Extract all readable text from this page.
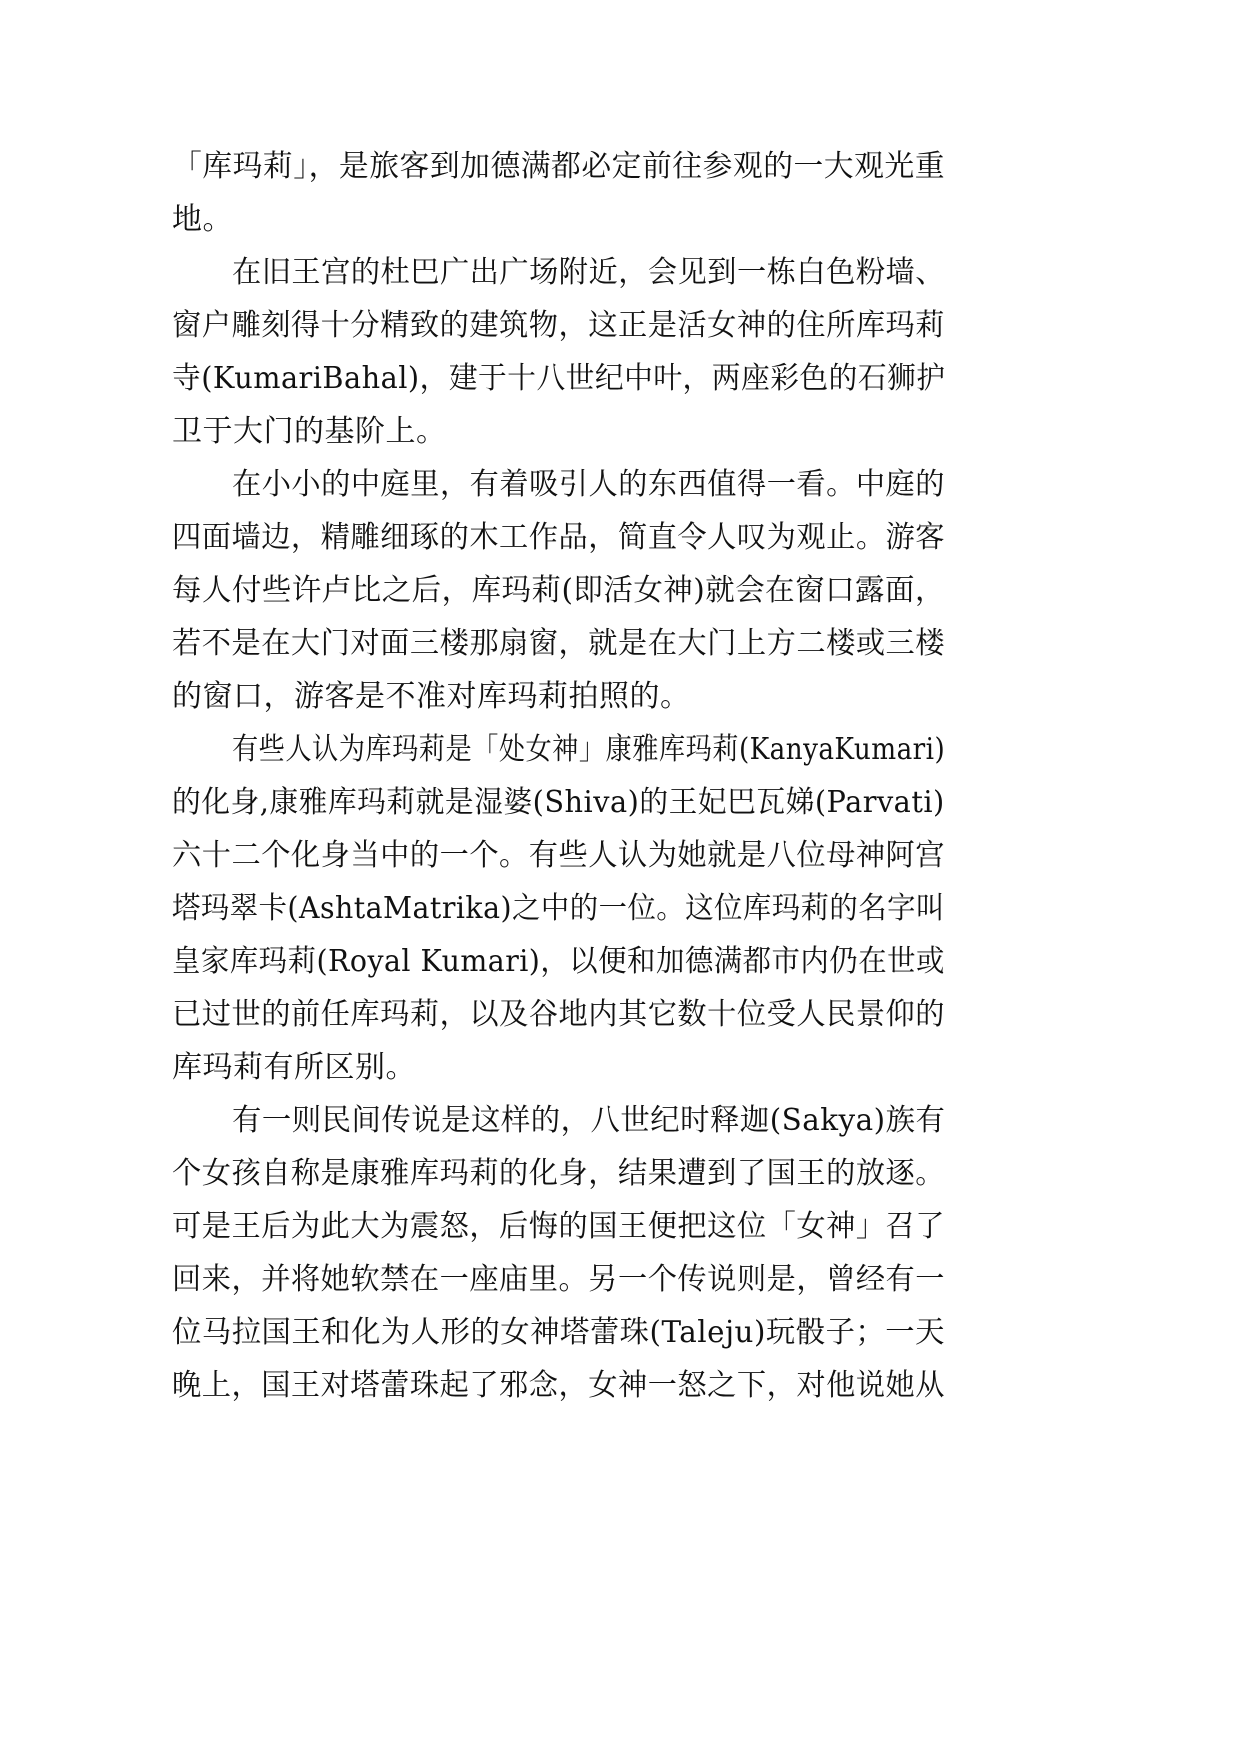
「库玛莉」，是旅客到加德满都必定前往参观的一大观光重
地。
在旧王宫的杜巴广出广场附近，会见到一栋白色粉墙、
窗户雕刻得十分精致的建筑物，这正是活女神的住所库玛莉
寺(KumariBahal)，建于十八世纪中叶，两座彩色的石狮护
卫于大门的基阶上。
在小小的中庭里，有着吸引人的东西值得一看。中庭的
四面墙边，精雕细琢的木工作品，简直令人叹为观止。游客
每人付些许卢比之后，库玛莉(即活女神)就会在窗口露面，
若不是在大门对面三楼那扇窗，就是在大门上方二楼或三楼
的窗口，游客是不准对库玛莉拍照的。
有些人认为库玛莉是「处女神」康雅库玛莉(KanyaKumari)
的化身,康雅库玛莉就是湿婆(Shiva)的王妃巴瓦娣(Parvati)
六十二个化身当中的一个。有些人认为她就是八位母神阿宫
塔玛翠卡(AshtaMatrika)之中的一位。这位库玛莉的名字叫
皇家库玛莉(Royal Kumari)，以便和加德满都市内仍在世或
已过世的前任库玛莉，以及谷地内其它数十位受人民景仰的
库玛莉有所区别。
有一则民间传说是这样的，八世纪时释迦(Sakya)族有
个女孩自称是康雅库玛莉的化身，结果遭到了国王的放逐。
可是王后为此大为震怒，后悔的国王便把这位「女神」召了
回来，并将她软禁在一座庙里。另一个传说则是，曾经有一
位马拉国王和化为人形的女神塔蕾珠(Taleju)玩骰子；一天
晚上，国王对塔蕾珠起了邪念，女神一怒之下，对他说她从
